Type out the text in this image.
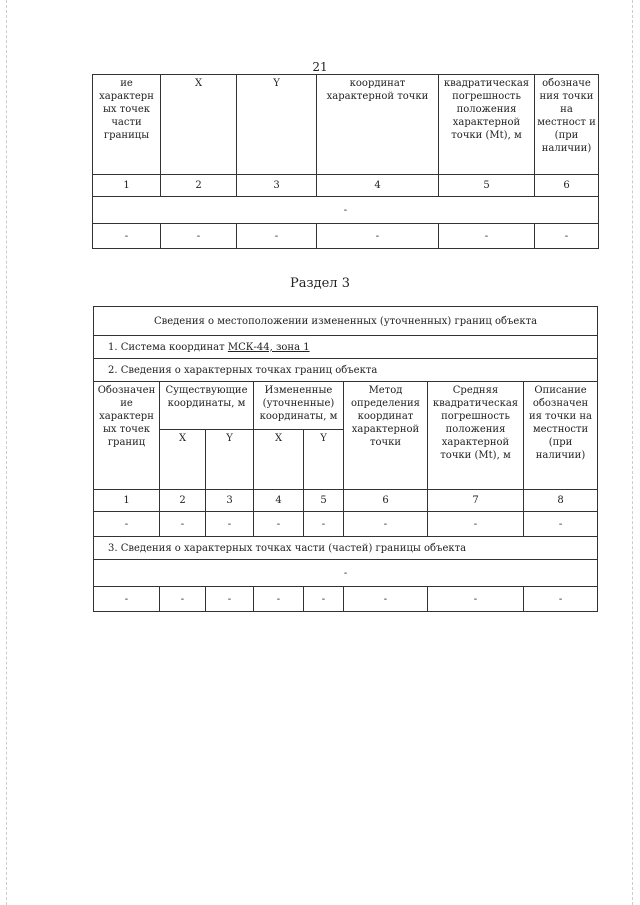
21
ие характерн ых точек части границы	X	Y	координат характерной точки	квадратическая погрешность положения характерной точки (Mt), м	обозначе ния точки на местност и (при наличии)
1	2	3	4	5	6
-					
-	-	-	-	-	-
Раздел 3
Сведения о местоположении измененных (уточненных) границ объекта							
1. Система координат МСК-44, зона 1							
2. Сведения о характерных точках границ объекта							
Обозначен ие характерн ых точек границ	Существующие координаты, м		Измененные (уточненные) координаты, м		Метод определения координат характерной точки	Средняя квадратическая погрешность положения характерной точки (Mt), м	Описание обозначен ия точки на местности (при наличии)
	X	Y	X	Y			
1	2	3	4	5	6	7	8
-	-	-	-	-	-	-	-
3. Сведения о характерных точках части (частей) границы объекта							
-							
-	-	-	-	-	-	-	-
